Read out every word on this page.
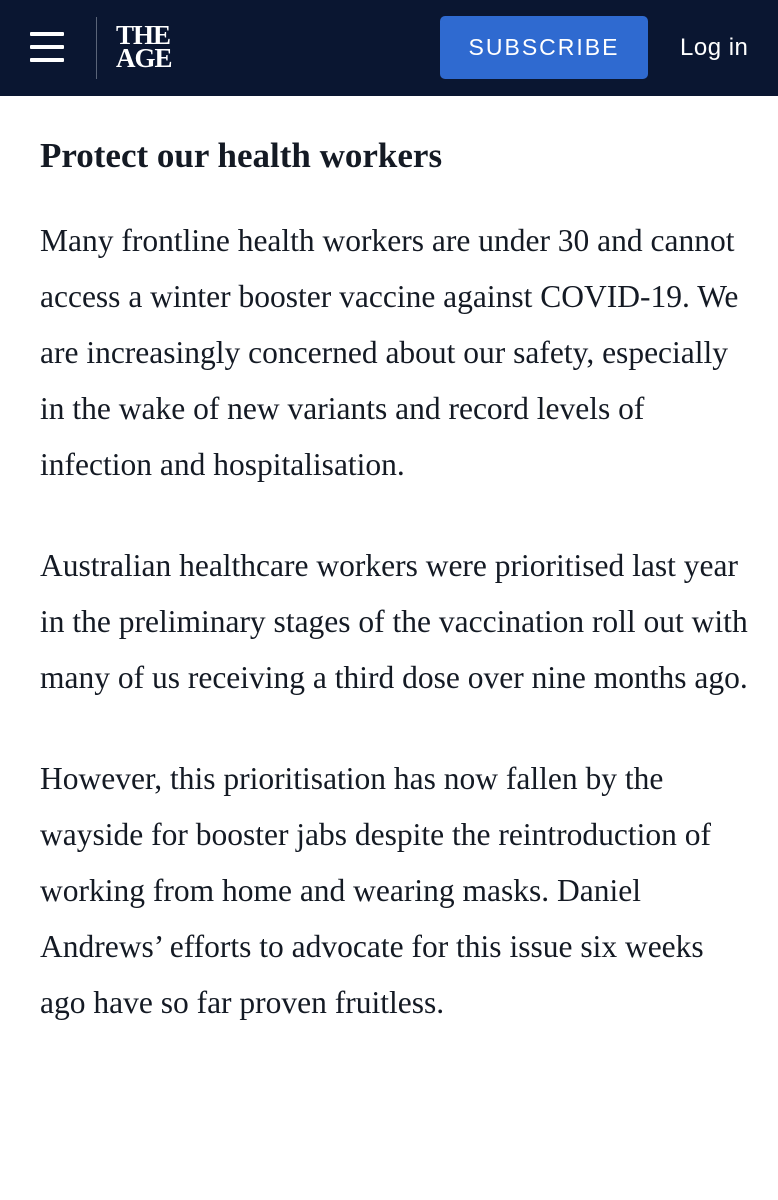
THE
AGE	SUBSCRIBE	Log in
Protect our health workers

Many frontline health workers are under 30 and cannot access a winter booster vaccine against COVID-19. We are increasingly concerned about our safety, especially in the wake of new variants and record levels of infection and hospitalisation.

Australian healthcare workers were prioritised last year in the preliminary stages of the vaccination roll out with many of us receiving a third dose over nine months ago.

However, this prioritisation has now fallen by the wayside for booster jabs despite the reintroduction of working from home and wearing masks. Daniel Andrews’ efforts to advocate for this issue six weeks ago have so far proven fruitless.
